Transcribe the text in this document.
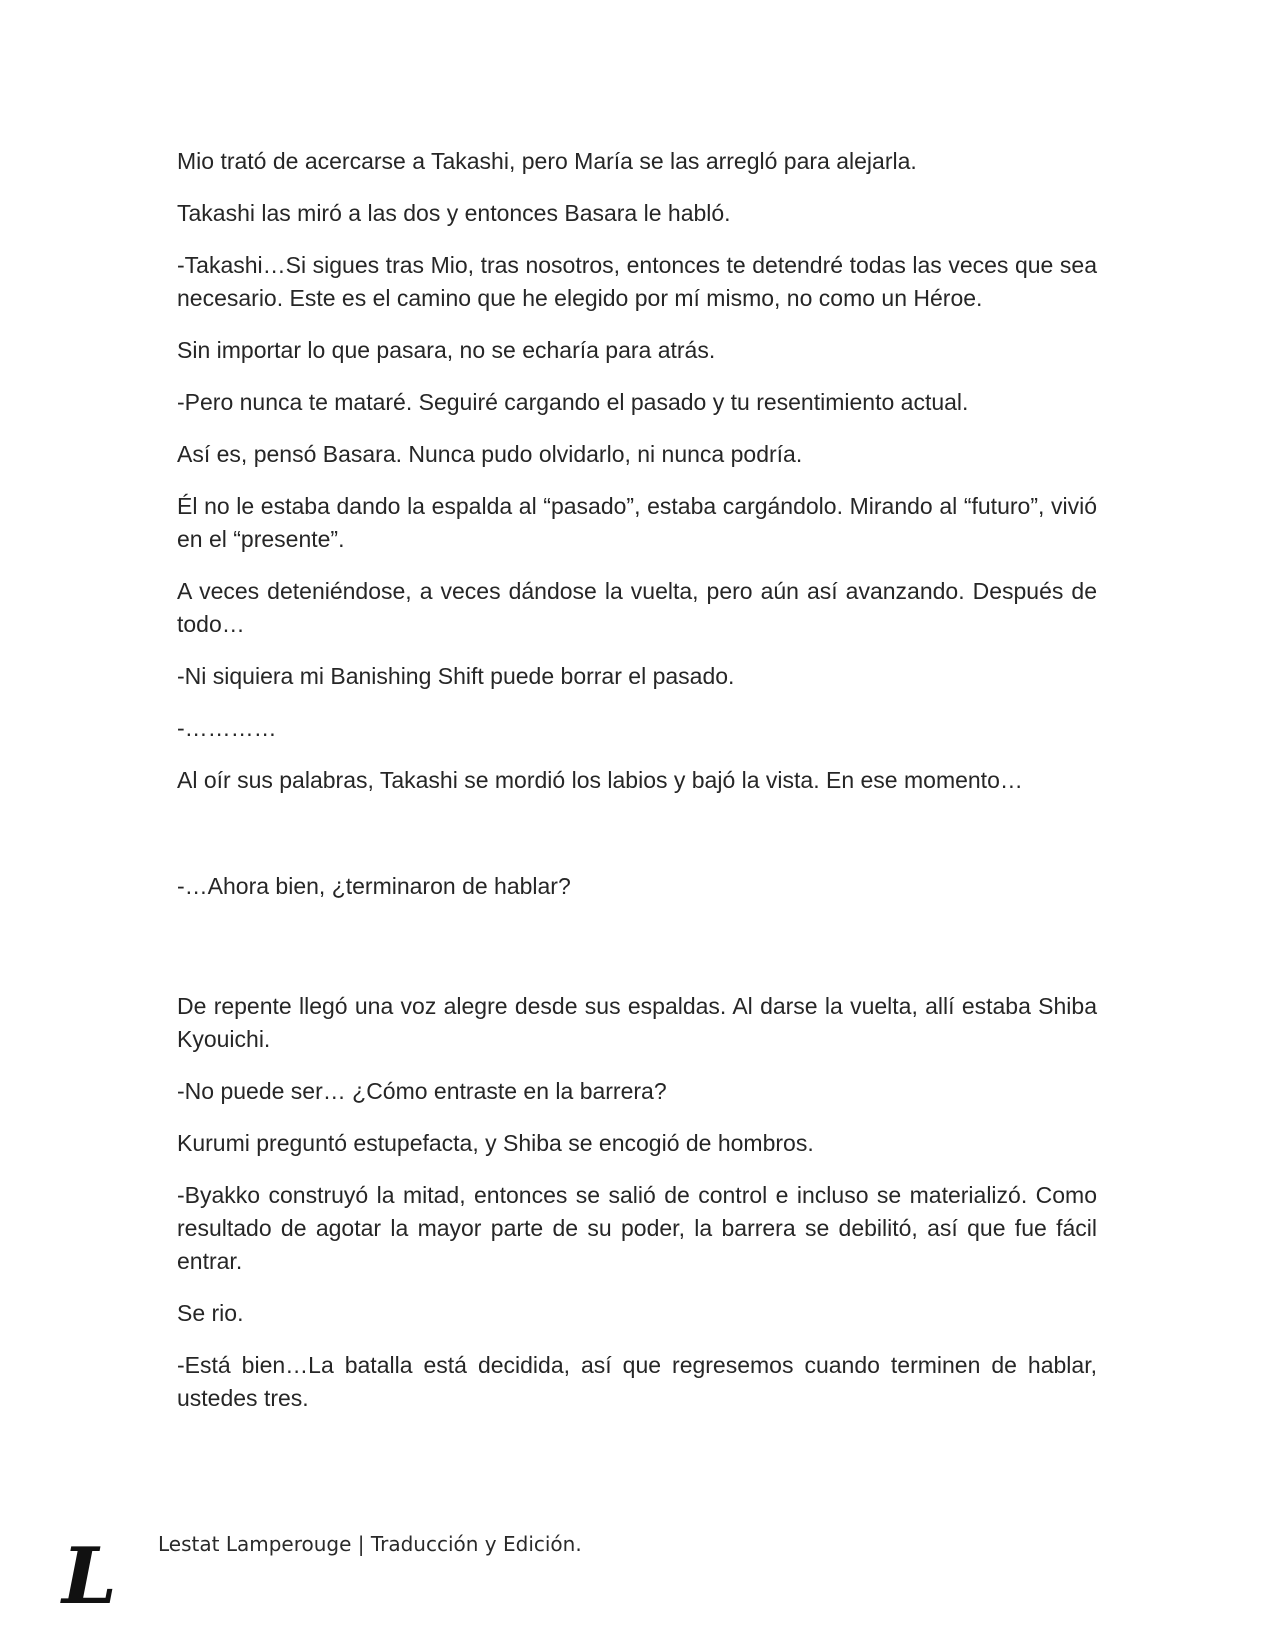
Mio trató de acercarse a Takashi, pero María se las arregló para alejarla.

Takashi las miró a las dos y entonces Basara le habló.

-Takashi…Si sigues tras Mio, tras nosotros, entonces te detendré todas las veces que sea necesario. Este es el camino que he elegido por mí mismo, no como un Héroe.

Sin importar lo que pasara, no se echaría para atrás.

-Pero nunca te mataré. Seguiré cargando el pasado y tu resentimiento actual.

Así es, pensó Basara. Nunca pudo olvidarlo, ni nunca podría.

Él no le estaba dando la espalda al “pasado”, estaba cargándolo. Mirando al “futuro”, vivió en el “presente”.

A veces deteniéndose, a veces dándose la vuelta, pero aún así avanzando. Después de todo…

-Ni siquiera mi Banishing Shift puede borrar el pasado.

-…………

Al oír sus palabras, Takashi se mordió los labios y bajó la vista. En ese momento…

-…Ahora bien, ¿terminaron de hablar?

De repente llegó una voz alegre desde sus espaldas. Al darse la vuelta, allí estaba Shiba Kyouichi.

-No puede ser… ¿Cómo entraste en la barrera?

Kurumi preguntó estupefacta, y Shiba se encogió de hombros.

-Byakko construyó la mitad, entonces se salió de control e incluso se materializó. Como resultado de agotar la mayor parte de su poder, la barrera se debilitó, así que fue fácil entrar.

Se rio.

-Está bien…La batalla está decidida, así que regresemos cuando terminen de hablar, ustedes tres.

L Lestat Lamperouge | Traducción y Edición.
